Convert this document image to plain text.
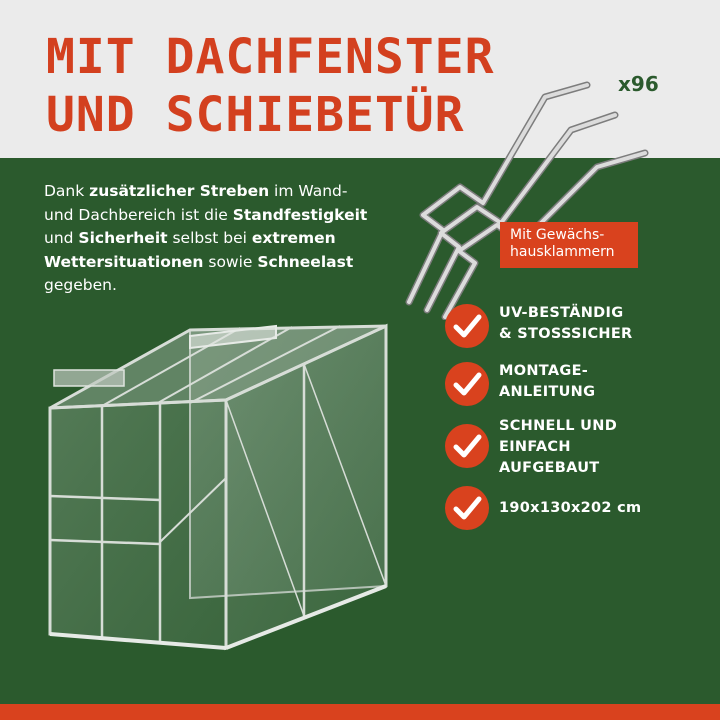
MIT DACHFENSTER
UND SCHIEBETÜR
x96
Mit Gewächs-
hausklammern

Dank zusätzlicher Streben im Wand-
und Dachbereich ist die Standfestigkeit
und Sicherheit selbst bei extremen
Wettersituationen sowie Schneelast
gegeben.

UV-BESTÄNDIG
& STOSSSICHER
MONTAGE-
ANLEITUNG
SCHNELL UND
EINFACH
AUFGEBAUT
190x130x202 cm
